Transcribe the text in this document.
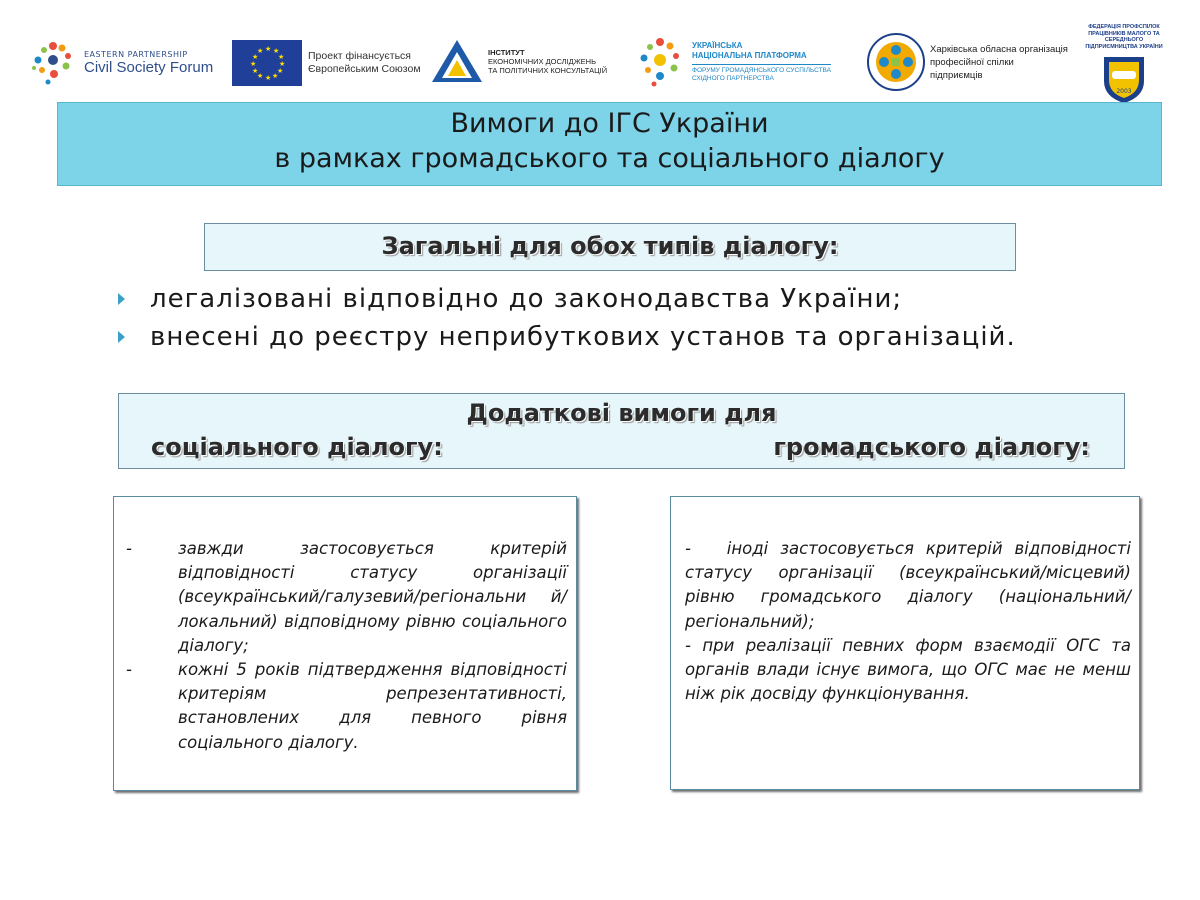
EASTERN PARTNERSHIP
Civil Society Forum
★ ★
★
★
★
★
★
★
★
★
★
★	Проект фінансується
Європейським Союзом
ІНСТИТУТ
ЕКОНОМІЧНИХ ДОСЛІДЖЕНЬ
ТА ПОЛІТИЧНИХ КОНСУЛЬТАЦІЙ
УКРАЇНСЬКА
НАЦІОНАЛЬНА ПЛАТФОРМА
ФОРУМУ ГРОМАДЯНСЬКОГО СУСПІЛЬСТВА
СХІДНОГО ПАРТНЕРСТВА
Харківська обласна організація
професійної спілки
підприємців
ФЕДЕРАЦІЯ ПРОФСПІЛОК
ПРАЦІВНИКІВ МАЛОГО ТА СЕРЕДНЬОГО
ПІДПРИЄМНИЦТВА УКРАЇНИ
2003
Вимоги до ІГС України
в рамках громадського та соціального діалогу
Загальні для обох типів діалогу:
легалізовані відповідно до законодавства України;
внесені до реєстру неприбуткових установ та організацій.
Додаткові вимоги для
соціального діалогу:	громадського діалогу:
-	завжди застосовується критерій відповідності статусу організації (всеукраїнський/галузевий/регіональни й/локальний) відповідному рівню соціального діалогу;
-	кожні 5 років підтвердження відповідності критеріям репрезентативності, встановлених для певного рівня соціального діалогу.
-   іноді застосовується критерій відповідності статусу організації (всеукраїнський/місцевий) рівню громадського діалогу (національний/регіональний);
- при реалізації певних форм взаємодії ОГС та органів влади існує вимога, що ОГС має не менш ніж рік досвіду функціонування.
